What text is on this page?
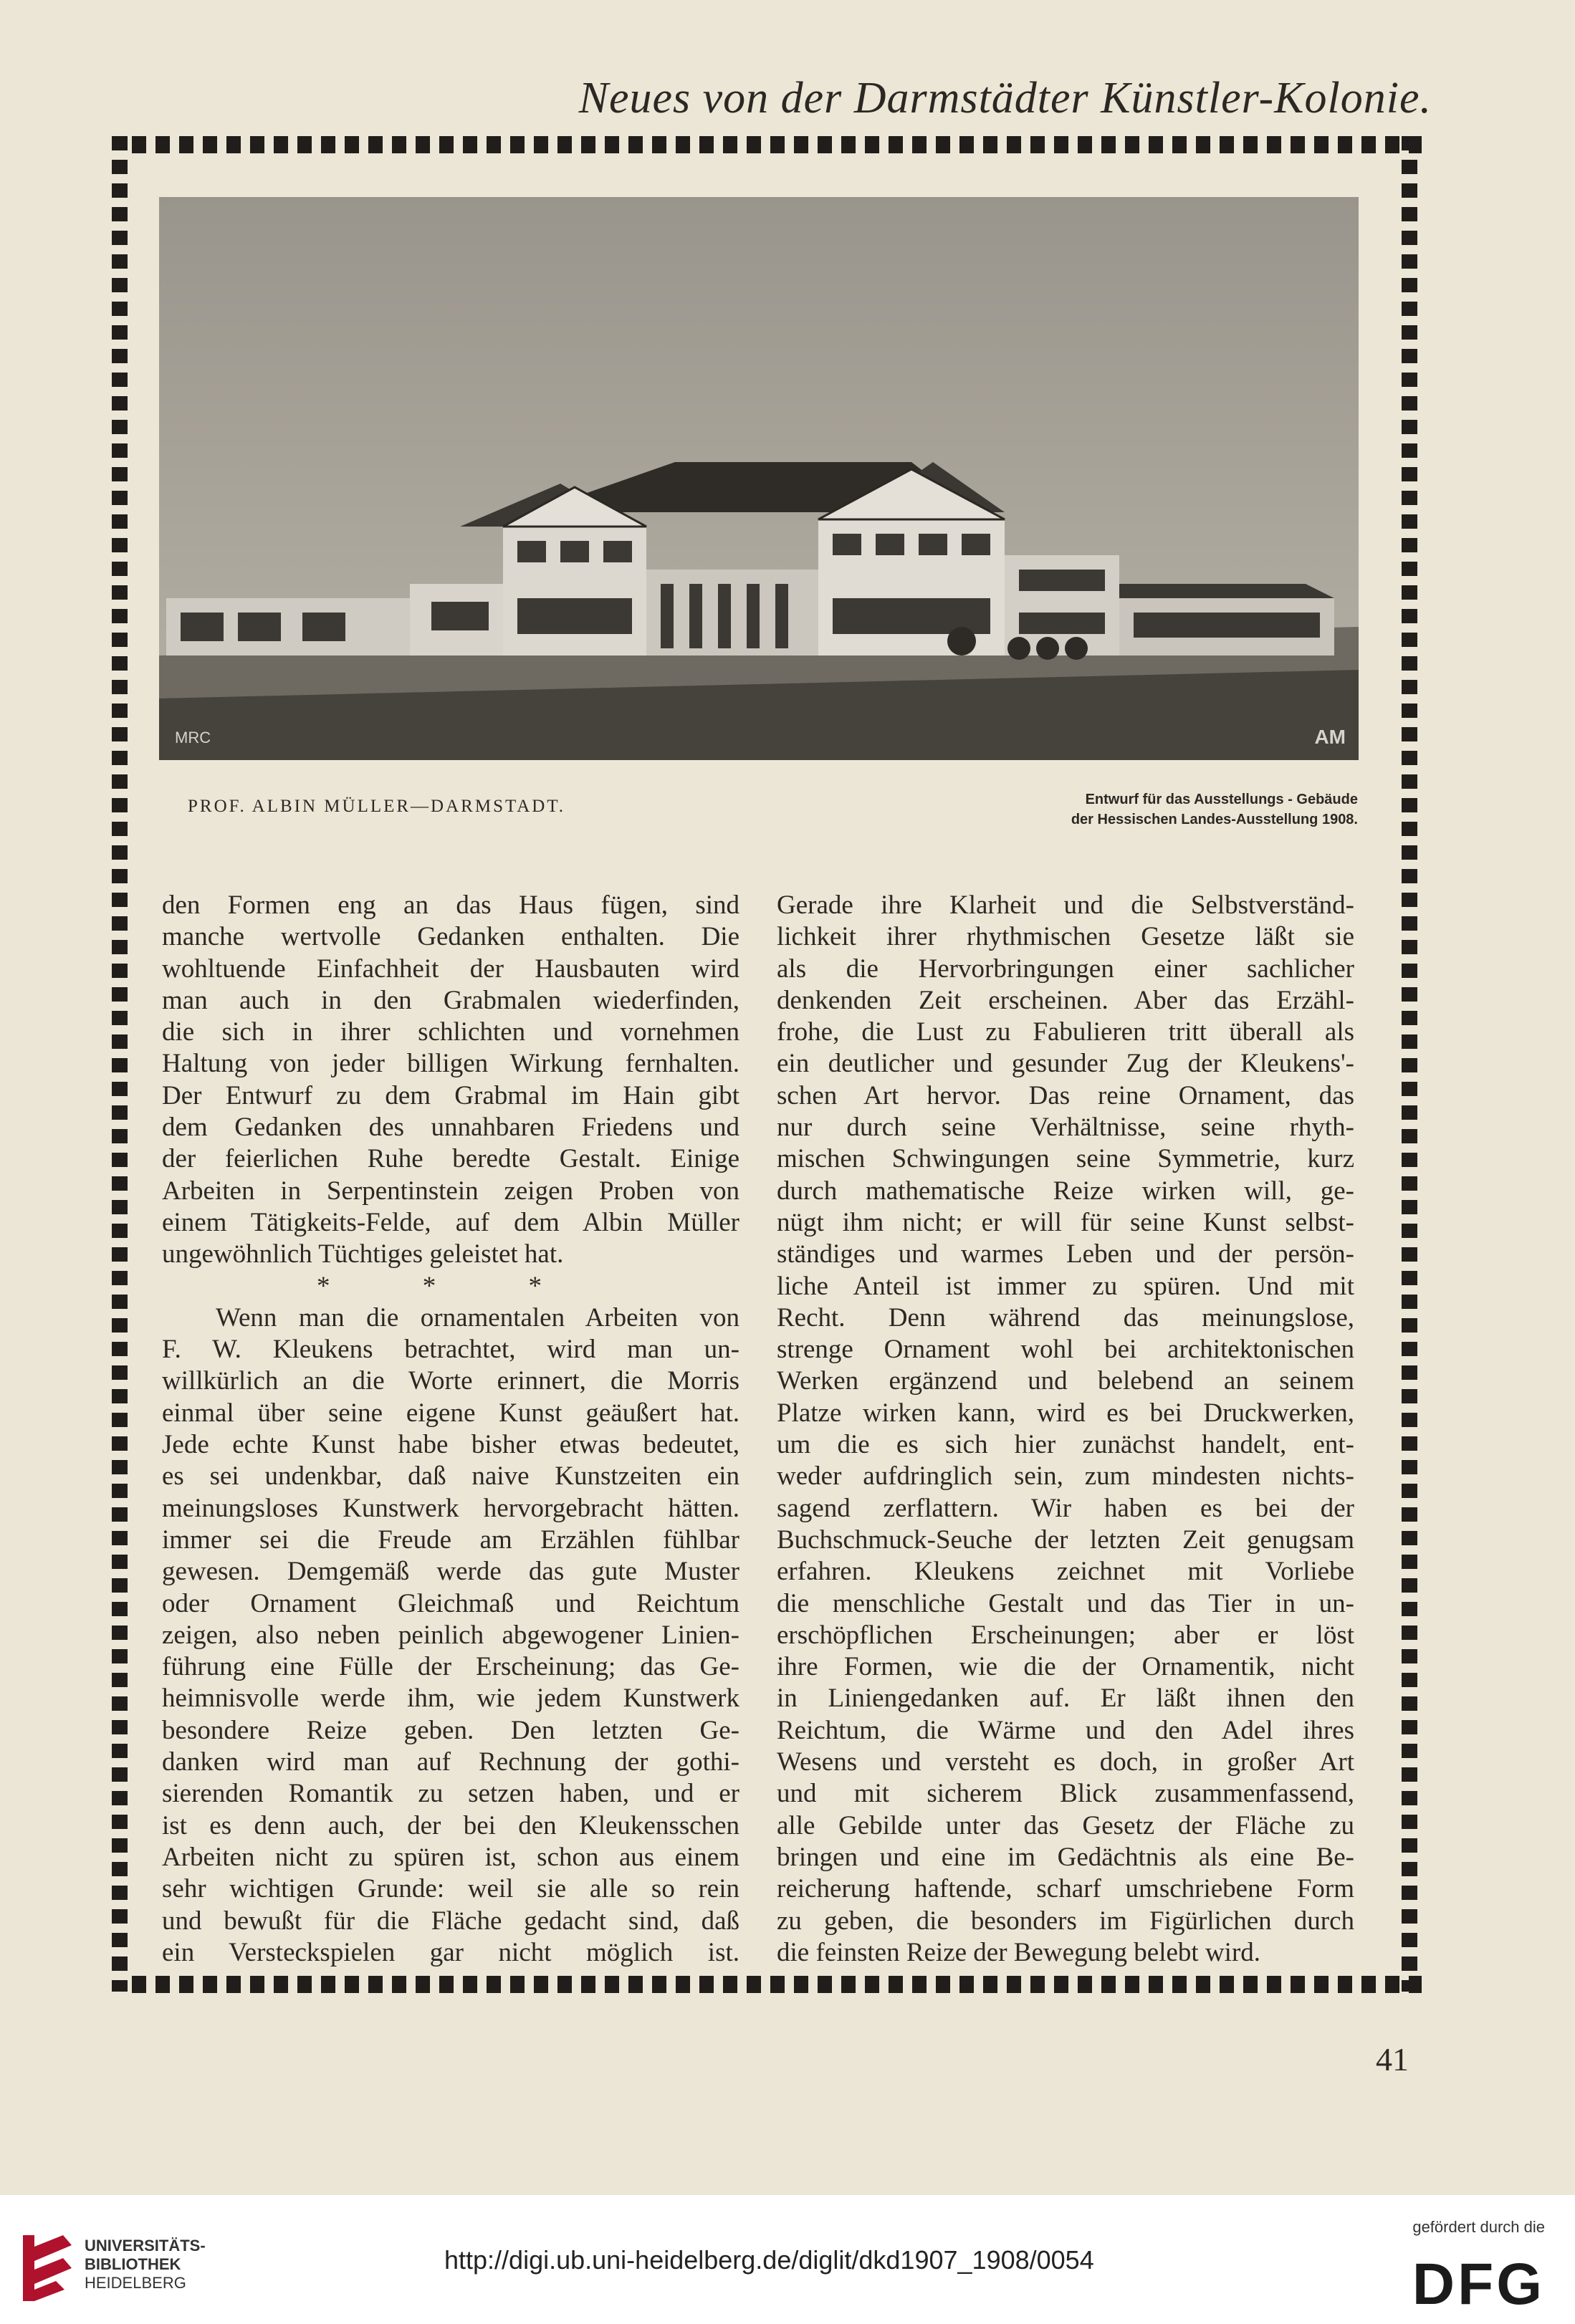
Neues von der Darmstädter Künstler-Kolonie.
MRC	AM
PROF. ALBIN MÜLLER—DARMSTADT.	Entwurf für das Ausstellungs - Gebäude
der Hessischen Landes-Ausstellung 1908.
den Formen eng an das Haus fügen, sind
manche wertvolle Gedanken enthalten. Die
wohltuende Einfachheit der Hausbauten wird
man auch in den Grabmalen wiederfinden,
die sich in ihrer schlichten und vornehmen
Haltung von jeder billigen Wirkung fernhalten.
Der Entwurf zu dem Grabmal im Hain gibt
dem Gedanken des unnahbaren Friedens und
der feierlichen Ruhe beredte Gestalt. Einige
Arbeiten in Serpentinstein zeigen Proben von
einem Tätigkeits-Felde, auf dem Albin Müller
ungewöhnlich Tüchtiges geleistet hat.
* * *
Wenn man die ornamentalen Arbeiten von
F. W. Kleukens betrachtet, wird man un-
willkürlich an die Worte erinnert, die Morris
einmal über seine eigene Kunst geäußert hat.
Jede echte Kunst habe bisher etwas bedeutet,
es sei undenkbar, daß naive Kunstzeiten ein
meinungsloses Kunstwerk hervorgebracht hätten.
immer sei die Freude am Erzählen fühlbar
gewesen. Demgemäß werde das gute Muster
oder Ornament Gleichmaß und Reichtum
zeigen, also neben peinlich abgewogener Linien-
führung eine Fülle der Erscheinung; das Ge-
heimnisvolle werde ihm, wie jedem Kunstwerk
besondere Reize geben. Den letzten Ge-
danken wird man auf Rechnung der gothi-
sierenden Romantik zu setzen haben, und er
ist es denn auch, der bei den Kleukensschen
Arbeiten nicht zu spüren ist, schon aus einem
sehr wichtigen Grunde: weil sie alle so rein
und bewußt für die Fläche gedacht sind, daß
ein Versteckspielen gar nicht möglich ist.
Gerade ihre Klarheit und die Selbstverständ-
lichkeit ihrer rhythmischen Gesetze läßt sie
als die Hervorbringungen einer sachlicher
denkenden Zeit erscheinen. Aber das Erzähl-
frohe, die Lust zu Fabulieren tritt überall als
ein deutlicher und gesunder Zug der Kleukens'-
schen Art hervor. Das reine Ornament, das
nur durch seine Verhältnisse, seine rhyth-
mischen Schwingungen seine Symmetrie, kurz
durch mathematische Reize wirken will, ge-
nügt ihm nicht; er will für seine Kunst selbst-
ständiges und warmes Leben und der persön-
liche Anteil ist immer zu spüren. Und mit
Recht. Denn während das meinungslose,
strenge Ornament wohl bei architektonischen
Werken ergänzend und belebend an seinem
Platze wirken kann, wird es bei Druckwerken,
um die es sich hier zunächst handelt, ent-
weder aufdringlich sein, zum mindesten nichts-
sagend zerflattern. Wir haben es bei der
Buchschmuck-Seuche der letzten Zeit genugsam
erfahren. Kleukens zeichnet mit Vorliebe
die menschliche Gestalt und das Tier in un-
erschöpflichen Erscheinungen; aber er löst
ihre Formen, wie die der Ornamentik, nicht
in Liniengedanken auf. Er läßt ihnen den
Reichtum, die Wärme und den Adel ihres
Wesens und versteht es doch, in großer Art
und mit sicherem Blick zusammenfassend,
alle Gebilde unter das Gesetz der Fläche zu
bringen und eine im Gedächtnis als eine Be-
reicherung haftende, scharf umschriebene Form
zu geben, die besonders im Figürlichen durch
die feinsten Reize der Bewegung belebt wird.
41
UNIVERSITÄTS-
BIBLIOTHEK
HEIDELBERG
http://digi.ub.uni-heidelberg.de/diglit/dkd1907_1908/0054
gefördert durch die
DFG
